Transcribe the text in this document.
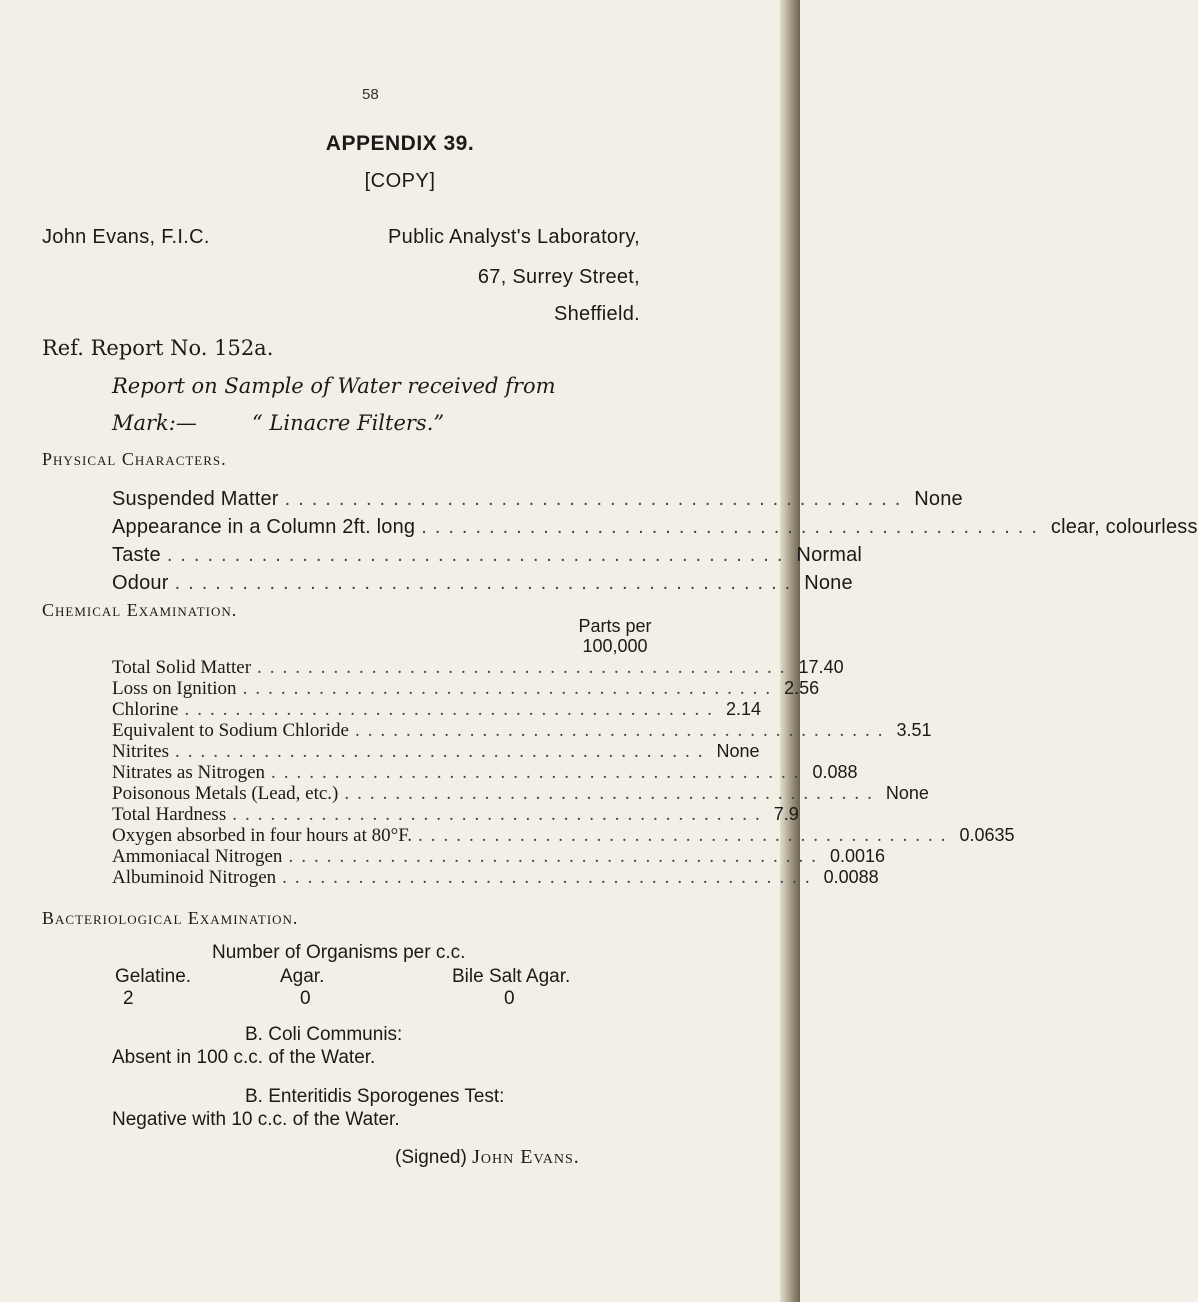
58
APPENDIX 39.
[COPY]
John Evans, F.I.C.	Public Analyst's Laboratory,
67, Surrey Street,
Sheffield.
Ref. Report No. 152a.
Report on Sample of Water received from
Mark:—	“ Linacre Filters.”
Physical Characters.
Suspended Matter .............................................. None
Appearance in a Column 2ft. long .............................................. clear, colourless
Taste .............................................. Normal
Odour .............................................. None
Chemical Examination.
Parts per
100,000
Total Solid Matter .......................................... 17.40
Loss on Ignition .......................................... 2.56
Chlorine .......................................... 2.14
Equivalent to Sodium Chloride .......................................... 3.51
Nitrites .......................................... None
Nitrates as Nitrogen .......................................... 0.088
Poisonous Metals (Lead, etc.) .......................................... None
Total Hardness .......................................... 7.9
Oxygen absorbed in four hours at 80°F. .......................................... 0.0635
Ammoniacal Nitrogen .......................................... 0.0016
Albuminoid Nitrogen .......................................... 0.0088
Bacteriological Examination.
Number of Organisms per c.c.
Gelatine.	Agar.	Bile Salt Agar.
2	0	0
B. Coli Communis:
Absent in 100 c.c. of the Water.
B. Enteritidis Sporogenes Test:
Negative with 10 c.c. of the Water.
(Signed) John Evans.
